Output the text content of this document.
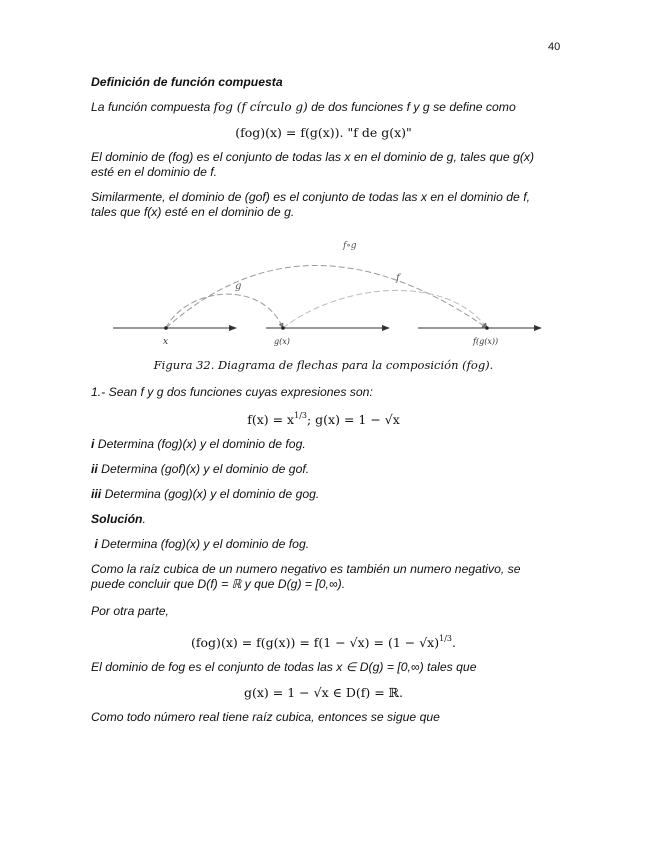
40

Definición de función compuesta

La función compuesta fog (f círculo g) de dos funciones f y g se define como

(fog)(x) = f(g(x)). "f de g(x)"

El dominio de (fog) es el conjunto de todas las x en el dominio de g, tales que g(x) esté en el dominio de f.

Similarmente, el dominio de (gof) es el conjunto de todas las x en el dominio de f, tales que f(x) esté en el dominio de g.

f∘g
g
f
x	g(x)	f(g(x))

Figura 32. Diagrama de flechas para la composición (fog).

1.- Sean f y g dos funciones cuyas expresiones son:

$f(x) = x^{1/3}$; g(x) = 1 − √x

i Determina (fog)(x) y el dominio de fog.

ii Determina (gof)(x) y el dominio de gof.

iii Determina (gog)(x) y el dominio de gog.

Solución.

i Determina (fog)(x) y el dominio de fog.

Como la raíz cubica de un numero negativo es también un numero negativo, se puede concluir que D(f) = ℝ y que D(g) = [0,∞).

Por otra parte,

$(fog)(x) = f(g(x)) = f(1 - √x) = (1 - √x)^{1/3}$.

El dominio de fog es el conjunto de todas las x ∈ D(g) = [0,∞) tales que

g(x) = 1 − √x ∈ D(f) = ℝ.

Como todo número real tiene raíz cubica, entonces se sigue que
